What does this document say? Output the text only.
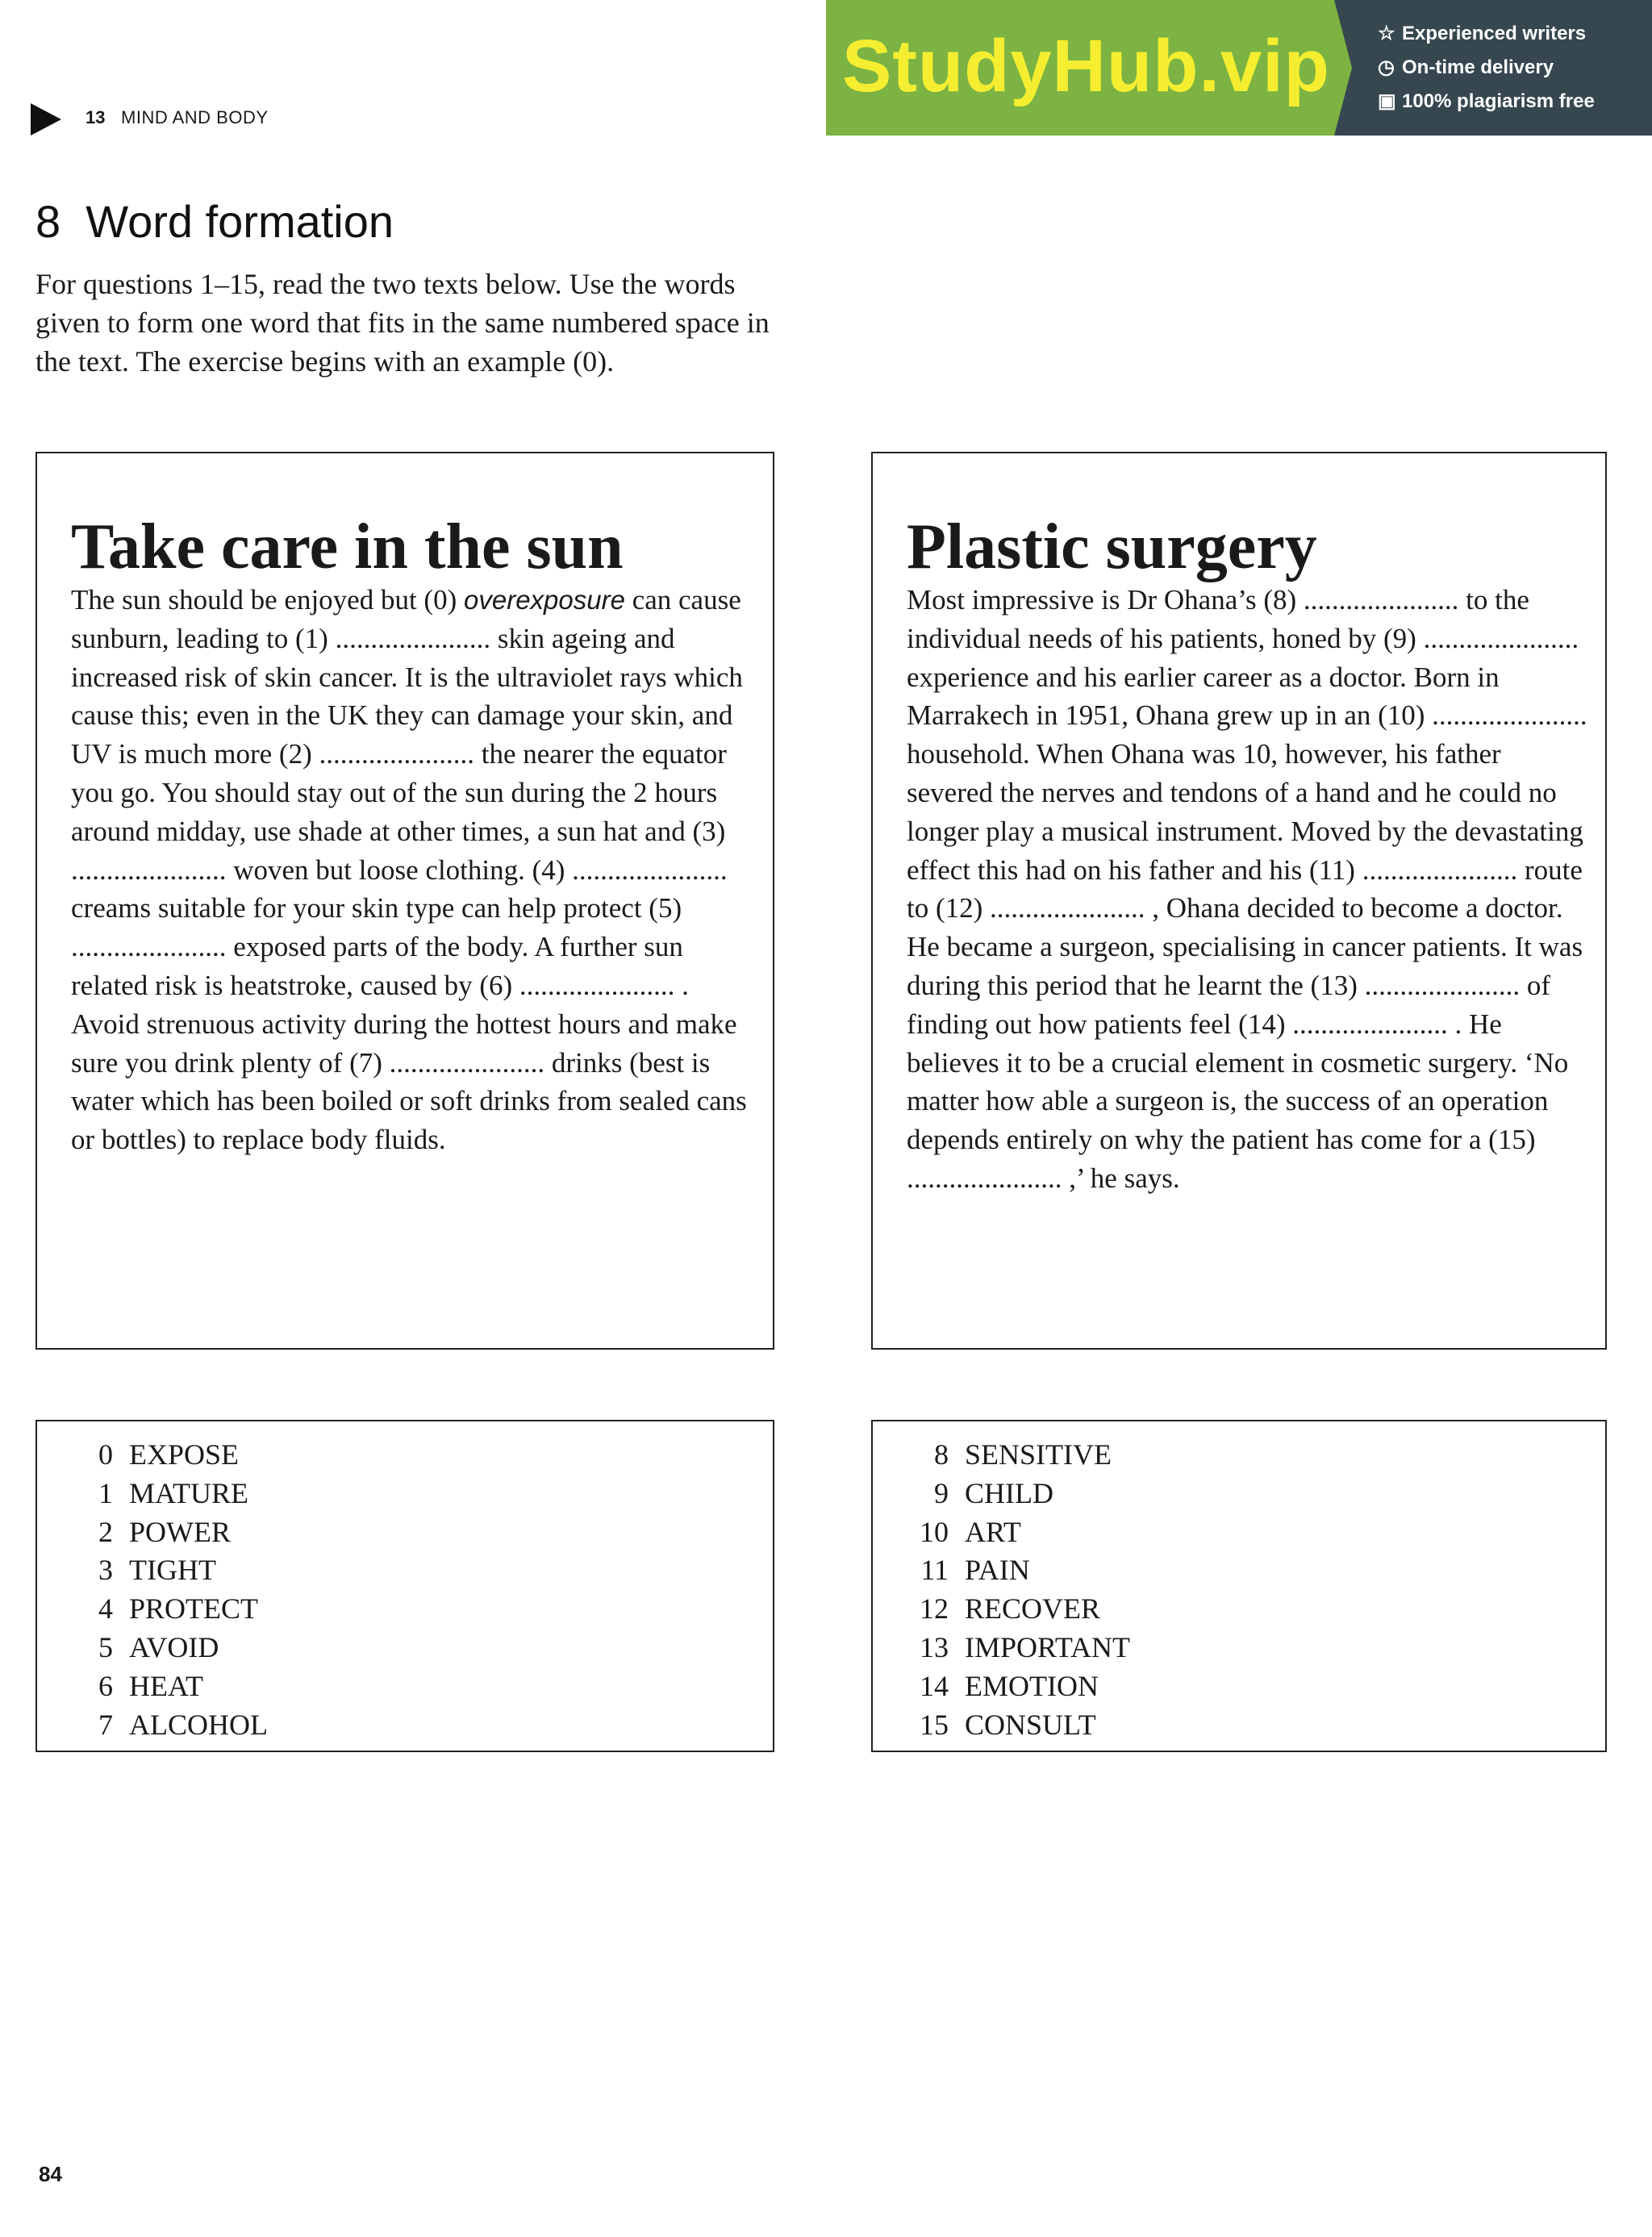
13 MIND AND BODY
StudyHub.vip ☆ Experienced writers
◷ On-time delivery
▣ 100% plagiarism free
8  Word formation
For questions 1–15, read the two texts below. Use the words given to form one word that fits in the same numbered space in the text. The exercise begins with an example (0).
Take care in the sun
The sun should be enjoyed but (0) overexposure can cause sunburn, leading to (1) ...................... skin ageing and increased risk of skin cancer. It is the ultraviolet rays which cause this; even in the UK they can damage your skin, and UV is much more (2) ...................... the nearer the equator you go. You should stay out of the sun during the 2 hours around midday, use shade at other times, a sun hat and (3) ...................... woven but loose clothing. (4) ...................... creams suitable for your skin type can help protect (5) ...................... exposed parts of the body. A further sun related risk is heatstroke, caused by (6) ...................... . Avoid strenuous activity during the hottest hours and make sure you drink plenty of (7) ...................... drinks (best is water which has been boiled or soft drinks from sealed cans or bottles) to replace body fluids.
Plastic surgery
Most impressive is Dr Ohana’s (8) ...................... to the individual needs of his patients, honed by (9) ...................... experience and his earlier career as a doctor. Born in Marrakech in 1951, Ohana grew up in an (10) ...................... household. When Ohana was 10, however, his father severed the nerves and tendons of a hand and he could no longer play a musical instrument. Moved by the devastating effect this had on his father and his (11) ...................... route to (12) ...................... , Ohana decided to become a doctor. He became a surgeon, specialising in cancer patients. It was during this period that he learnt the (13) ...................... of finding out how patients feel (14) ...................... . He believes it to be a crucial element in cosmetic surgery. ‘No matter how able a surgeon is, the success of an operation depends entirely on why the patient has come for a (15) ...................... ,’ he says.
0 EXPOSE
1 MATURE
2 POWER
3 TIGHT
4 PROTECT
5 AVOID
6 HEAT
7 ALCOHOL
8 SENSITIVE
9 CHILD
10 ART
11 PAIN
12 RECOVER
13 IMPORTANT
14 EMOTION
15 CONSULT
84
